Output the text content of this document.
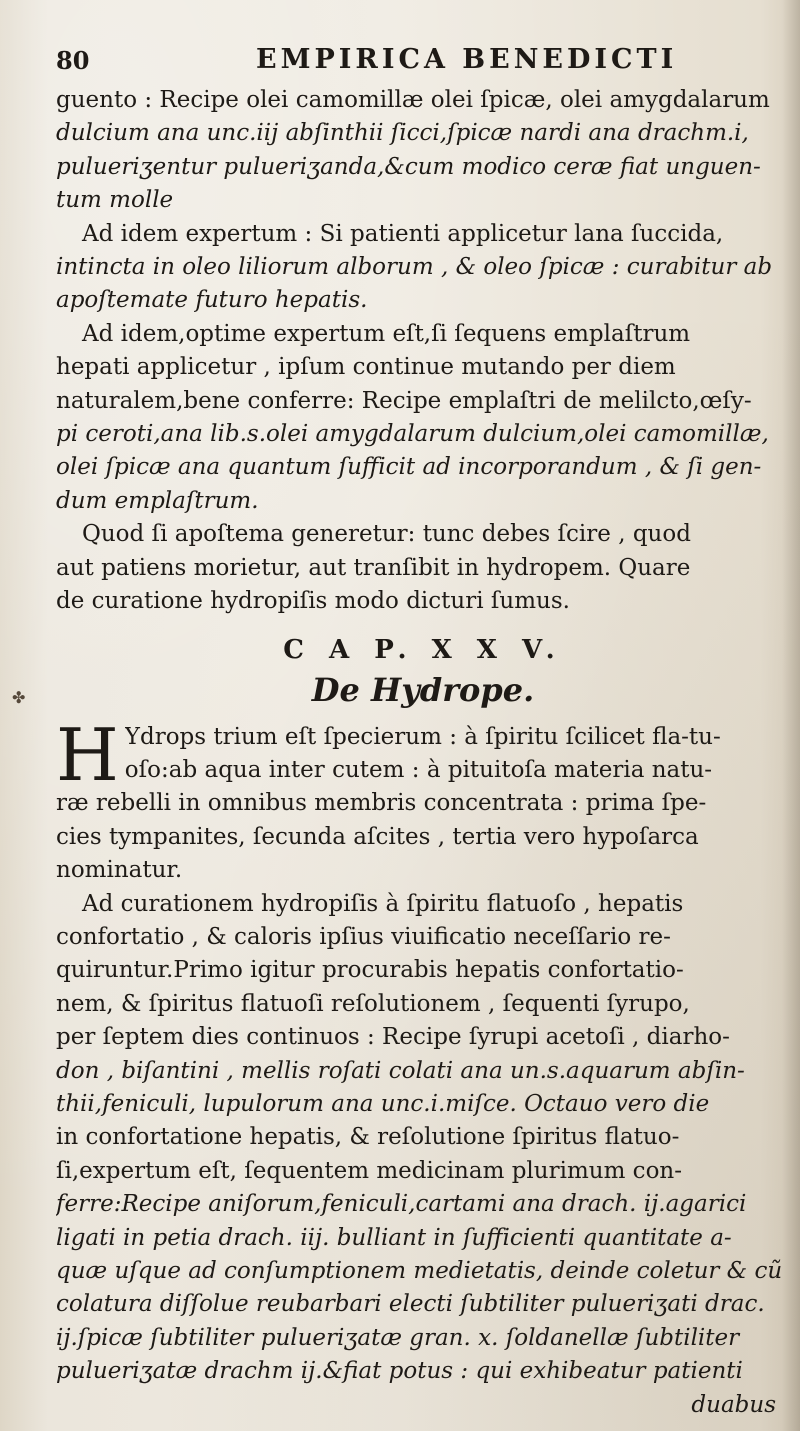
80	EMPIRICA BENEDICTI
✤

guento : Recipe olei camomillæ olei ſpicæ, olei amygdalarum
dulcium ana unc.iij abſinthii ſicci,ſpicæ nardi ana drachm.i,
pulueriʒentur pulueriʒanda,&cum modico ceræ fiat unguen-
tum molle

Ad idem expertum : Si patienti applicetur lana ſuccida,
intincta in oleo liliorum alborum , & oleo ſpicæ : curabitur ab
apoſtemate futuro hepatis.

Ad idem,optime expertum eſt,ſi ſequens emplaſtrum
hepati applicetur , ipſum continue mutando per diem
naturalem,bene conferre: Recipe emplaſtri de melilcto,œſy-
pi ceroti,ana lib.s.olei amygdalarum dulcium,olei camomillæ,
olei ſpicæ ana quantum ſufficit ad incorporandum , & ſi gen-
dum emplaſtrum.

Quod ſi apoſtema generetur: tunc debes ſcire , quod
aut patiens morietur, aut tranſibit in hydropem. Quare
de curatione hydropiſis modo dicturi ſumus.

C A P. X X V.
De Hydrope.

H Ydrops trium eſt ſpecierum : à ſpiritu ſcilicet fla-tu-
oſo:ab aqua inter cutem : à pituitoſa materia natu-
ræ rebelli in omnibus membris concentrata : prima ſpe-
cies tympanites, ſecunda aſcites , tertia vero hypoſarca
nominatur.

Ad curationem hydropiſis à ſpiritu flatuoſo , hepatis
confortatio , & caloris ipſius viuificatio neceſſario re-
quiruntur.Primo igitur procurabis hepatis confortatio-
nem, & ſpiritus flatuoſi reſolutionem , ſequenti ſyrupo,
per ſeptem dies continuos : Recipe ſyrupi acetoſi , diarho-
don , biſantini , mellis roſati colati ana un.s.aquarum abſin-
thii,feniculi, lupulorum ana unc.i.miſce. Octauo vero die
in confortatione hepatis, & reſolutione ſpiritus flatuo-
ſi,expertum eſt, ſequentem medicinam plurimum con-
ferre:Recipe aniſorum,feniculi,cartami ana drach. ij.agarici
ligati in petia drach. iij. bulliant in ſufficienti quantitate a-
quæ uſque ad conſumptionem medietatis, deinde coletur & cũ
colatura diſſolue reubarbari electi ſubtiliter pulueriʒati drac.
ij.ſpicæ ſubtiliter pulueriʒatæ gran. x. ſoldanellæ ſubtiliter
pulueriʒatæ drachm ij.&fiat potus : qui exhibeatur patienti
duabus
